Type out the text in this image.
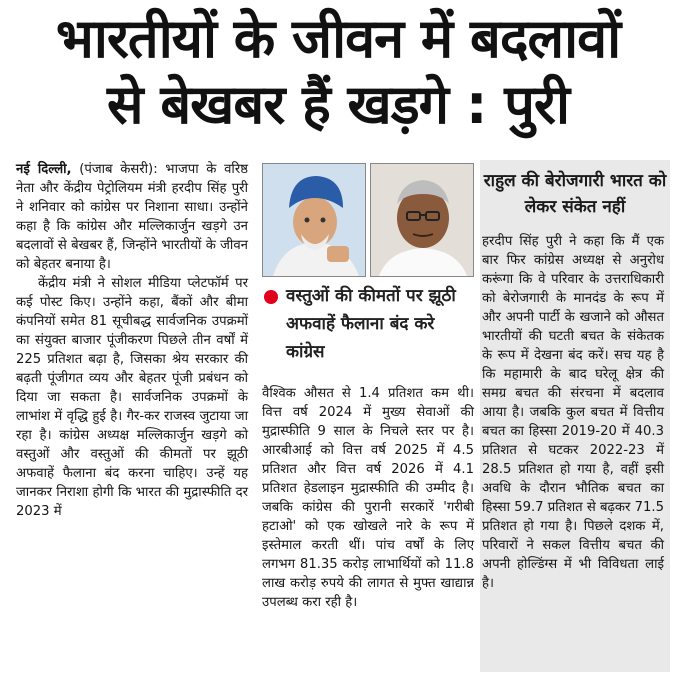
भारतीयों के जीवन में बदलावों
से बेखबर हैं खड़गे : पुरी

नई दिल्ली, (पंजाब केसरी): भाजपा के वरिष्ठ नेता और केंद्रीय पेट्रोलियम मंत्री हरदीप सिंह पुरी ने शनिवार को कांग्रेस पर निशाना साधा। उन्होंने कहा है कि कांग्रेस और मल्लिकार्जुन खड़गे उन बदलावों से बेखबर हैं, जिन्होंने भारतीयों के जीवन को बेहतर बनाया है।

केंद्रीय मंत्री ने सोशल मीडिया प्लेटफॉर्म पर कई पोस्ट किए। उन्होंने कहा, बैंकों और बीमा कंपनियों समेत 81 सूचीबद्ध सार्वजनिक उपक्रमों का संयुक्त बाजार पूंजीकरण पिछले तीन वर्षों में 225 प्रतिशत बढ़ा है, जिसका श्रेय सरकार की बढ़ती पूंजीगत व्यय और बेहतर पूंजी प्रबंधन को दिया जा सकता है। सार्वजनिक उपक्रमों के लाभांश में वृद्धि हुई है। गैर-कर राजस्व जुटाया जा रहा है। कांग्रेस अध्यक्ष मल्लिकार्जुन खड़गे को वस्तुओं और वस्तुओं की कीमतों पर झूठी अफवाहें फैलाना बंद करना चाहिए। उन्हें यह जानकर निराशा होगी कि भारत की मुद्रास्फीति दर 2023 में

वस्तुओं की कीमतों पर झूठी अफवाहें फैलाना बंद करे कांग्रेस

वैश्विक औसत से 1.4 प्रतिशत कम थी। वित्त वर्ष 2024 में मुख्य सेवाओं की मुद्रास्फीति 9 साल के निचले स्तर पर है। आरबीआई को वित्त वर्ष 2025 में 4.5 प्रतिशत और वित्त वर्ष 2026 में 4.1 प्रतिशत हेडलाइन मुद्रास्फीति की उम्मीद है। जबकि कांग्रेस की पुरानी सरकारें 'गरीबी हटाओ' को एक खोखले नारे के रूप में इस्तेमाल करती थीं। पांच वर्षों के लिए लगभग 81.35 करोड़ लाभार्थियों को 11.8 लाख करोड़ रुपये की लागत से मुफ्त खाद्यान्न उपलब्ध करा रही है।

राहुल की बेरोजगारी भारत को लेकर संकेत नहीं

हरदीप सिंह पुरी ने कहा कि मैं एक बार फिर कांग्रेस अध्यक्ष से अनुरोध करूंगा कि वे परिवार के उत्तराधिकारी को बेरोजगारी के मानदंड के रूप में और अपनी पार्टी के खजाने को औसत भारतीयों की घटती बचत के संकेतक के रूप में देखना बंद करें। सच यह है कि महामारी के बाद घरेलू क्षेत्र की समग्र बचत की संरचना में बदलाव आया है। जबकि कुल बचत में वित्तीय बचत का हिस्सा 2019-20 में 40.3 प्रतिशत से घटकर 2022-23 में 28.5 प्रतिशत हो गया है, वहीं इसी अवधि के दौरान भौतिक बचत का हिस्सा 59.7 प्रतिशत से बढ़कर 71.5 प्रतिशत हो गया है। पिछले दशक में, परिवारों ने सकल वित्तीय बचत की अपनी होल्डिंग्स में भी विविधता लाई है।
